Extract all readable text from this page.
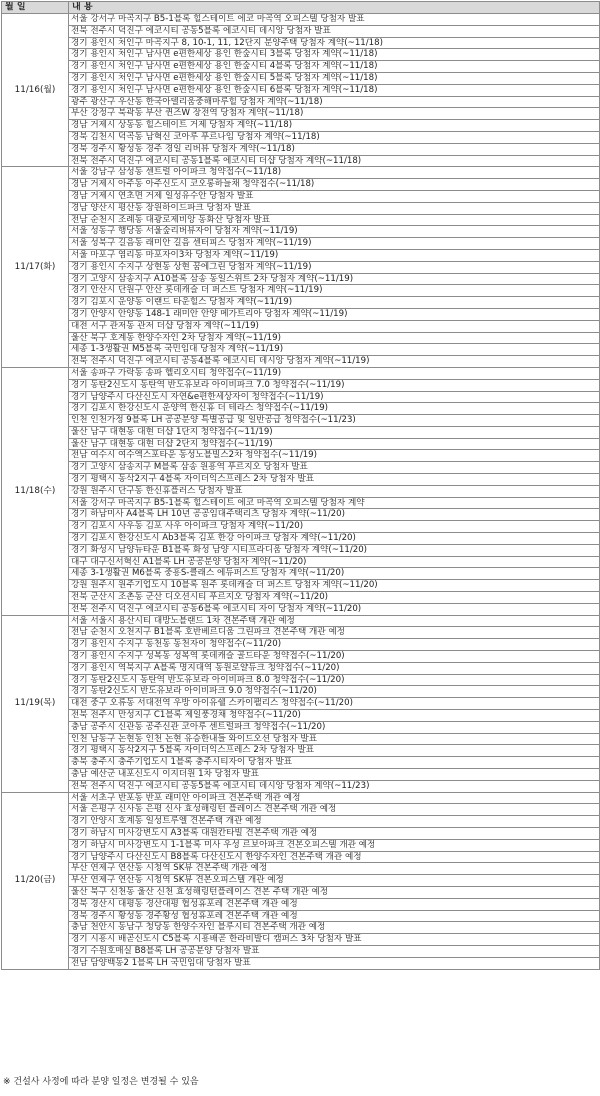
월 일	내 용
11/16(월)	서울 강서구 마곡지구 B5-1블록 힐스테이트 에코 마곡역 오피스텔 당첨자 발표
	전북 전주시 덕진구 에코시티 공동5블록 에코시티 데시앙 당첨자 발표
	경기 용인시 처인구 마곡지구 8, 10-1, 11, 12단지 분양주택 당첨자 계약(~11/18)
	경기 용인시 처인구 남사면 e편한세상 용인 한숲시티 3블록 당첨자 계약(~11/18)
	경기 용인시 처인구 남사면 e편한세상 용인 한숲시티 4블록 당첨자 계약(~11/18)
	경기 용인시 처인구 남사면 e편한세상 용인 한숲시티 5블록 당첨자 계약(~11/18)
	경기 용인시 처인구 남사면 e편한세상 용인 한숲시티 6블록 당첨자 계약(~11/18)
	광주 광산구 우산동 한국아델리움중해마루힐 당첨자 계약(~11/18)
	부산 강정구 북곽동 부산 퀸즈W 장전역 당첨자 계약(~11/18)
	경남 거제시 상동동 힐스테이트 거제 당첨자 계약(~11/18)
	경북 김천시 덕곡동 남혁신 코아루 푸르나임 당첨자 계약(~11/18)
	경북 경주시 황성동 경주 경일 리버뷰 당첨자 계약(~11/18)
	전북 전주시 덕진구 에코시티 공동1블록 에코시티 더샵 당첨자 계약(~11/18)
11/17(화)	서울 강남구 삼성동 센트럴 아이파크 청약접수(~11/18)
	경남 거제시 아주동 아주신도시 코오롱하늘채 청약접수(~11/18)
	경남 거제시 연초면 거제 일성유수안 당첨자 발표
	경남 양산시 평산동 장원하이드파크 당첨자 발표
	전남 순천시 조례동 대광로제비앙 동화산 당첨자 발표
	서울 성동구 행당동 서울숲리버뷰자이 당첨자 계약(~11/19)
	서울 성북구 길음동 래미안 길음 센터피스 당첨자 계약(~11/19)
	서울 마포구 염리동 마포자이3차 당첨자 계약(~11/19)
	경기 용인시 수지구 상현동 상현 꿈에그린 당첨자 계약(~11/19)
	경기 고양시 삼송지구 A10블록 삼송 동일스위트 2차 당첨자 계약(~11/19)
	경기 안산시 단원구 안산 롯데캐슬 더 퍼스트 당첨자 계약(~11/19)
	경기 김포시 운양동 이랜드 타운힐스 당첨자 계약(~11/19)
	경기 안양시 안양동 148-1 래미안 안양 메가트리아 당첨자 계약(~11/19)
	대전 서구 관저동 관저 더샵 당첨자 계약(~11/19)
	울산 북구 호계동 한양수자인 2차 당첨자 계약(~11/19)
	세종 1-3생활권 M5블록 국민임대 당첨자 계약(~11/19)
	전북 전주시 덕진구 에코시티 공동4블록 에코시티 데시앙 당첨자 계약(~11/19)
11/18(수)	서울 송파구 가락동 송파 헬리오시티 청약접수(~11/19)
	경기 동탄2신도시 동탄역 반도유보라 아이비파크 7.0 청약접수(~11/19)
	경기 남양주시 다산신도시 자연&e편한세상자이 청약접수(~11/19)
	경기 김포시 한강신도시 운양역 한신휴 더 테라스 청약접수(~11/19)
	인천 인천가정 9블록 LH 공공분양 특별공급 및 일반공급 청약접수(~11/23)
	울산 남구 대현동 대현 더샵 1단지 청약접수(~11/19)
	울산 남구 대현동 대현 더샵 2단지 청약접수(~11/19)
	전남 여수시 여수엑스포타운 동성노블빌스2차 청약접수(~11/19)
	경기 고양시 삼송지구 M블록 삼송 원흥역 푸르지오 당첨자 발표
	경기 평택시 동삭2지구 4블록 자이더익스프레스 2차 당첨자 발표
	강원 원주시 단구동 한신휴플러스 당첨자 발표
	서울 강서구 마곡지구 B5-1블록 힐스테이트 에코 마곡역 오피스텔 당첨자 계약
	경기 하남미사 A4블록 LH 10년 공공임대주택리츠 당첨자 계약(~11/20)
	경기 김포시 사우동 김포 사우 아이파크 당첨자 계약(~11/20)
	경기 김포시 한강신도시 Ab3블록 김포 한강 아이파크 당첨자 계약(~11/20)
	경기 화성시 남양뉴타운 B1블록 화성 남양 시티프라디움 당첨자 계약(~11/20)
	대구 대구신서혁신 A1블록 LH 공공분양 당첨자 계약(~11/20)
	세종 3-1생활권 M6블록 중흥S-클래스 에듀퍼스트 당첨자 계약(~11/20)
	강원 원주시 원주기업도시 10블록 원주 롯데캐슬 더 퍼스트 당첨자 계약(~11/20)
	전북 군산시 조촌동 군산 디오션시티 푸르지오 당첨자 계약(~11/20)
	전북 전주시 덕진구 에코시티 공동6블록 에코시티 자이 당첨자 계약(~11/20)
11/19(목)	서울 서울시 용산시티 대방노블랜드 1차 견본주택 개관 예정
	전남 순천시 오천지구 B1블록 호반베르디움 그린파크 견본주택 개관 예정
	경기 용인시 수지구 동천동 동천자이 청약접수(~11/20)
	경기 용인시 수지구 성복동 성복역 롯데캐슬 골드타운 청약접수(~11/20)
	경기 용인시 역북지구 A블록 명지대역 동원로얄듀크 청약접수(~11/20)
	경기 동탄2신도시 동탄역 반도유보라 아이비파크 8.0 청약접수(~11/20)
	경기 동탄2신도시 반도유보라 아이비파크 9.0 청약접수(~11/20)
	대전 중구 오류동 서대전역 우방 아이유쉘 스카이팰리스 청약접수(~11/20)
	전북 전주시 만성지구 C1블록 제일풍경채 청약접수(~11/20)
	충남 공주시 신관동 공주신관 코아루 센트럴파크 청약접수(~11/20)
	인천 남동구 논현동 인천 논현 유승한내들 와이드오션 당첨자 발표
	경기 평택시 동삭2지구 5블록 자이더익스프레스 2차 당첨자 발표
	충북 충주시 충주기업도시 1블록 충주시티자이 당첨자 발표
	충남 예산군 내포신도시 이지더원 1차 당첨자 발표
	전북 전주시 덕진구 에코시티 공동5블록 에코시티 데시앙 당첨자 계약(~11/23)
11/20(금)	서울 서초구 반포동 반포 래미안 아이파크 견본주택 개관 예정
	서울 은평구 신사동 은평 신사 효성해링턴 플레이스 견본주택 개관 예정
	경기 안양시 호계동 일성트루엘 견본주택 개관 예정
	경기 하남시 미사강변도시 A3블록 대원칸타빌 견본주택 개관 예정
	경기 하남시 미사강변도시 1-1블록 미사 우성 르보아파크 견본오피스텔 개관 예정
	경기 남양주시 다산신도시 B8블록 다산신도시 한양수자인 견본주택 개관 예정
	부산 연제구 연산동 시청역 SK뷰 견본주택 개관 예정
	부산 연제구 연산동 시청역 SK뷰 견본오피스텔 개관 예정
	울산 북구 신천동 울산 신천 효성해링턴플레이스 견본 주택 개관 예정
	경북 경산시 대평동 경산대평 협성휴포레 견본주택 개관 예정
	경북 경주시 황성동 경주황성 협성휴포레 견본주택 개관 예정
	충남 천안시 동남구 청당동 한양수자인 블루시티 견본주택 개관 예정
	경기 시흥시 배곧신도시 C5블록 시흥배곧 한라비발디 캠퍼스 3차 당첨자 발표
	경기 수원호매실 B8블록 LH 공공분양 당첨자 발표
	전남 담양백동2 1블록 LH 국민임대 당첨자 발표
※ 건설사 사정에 따라 분양 일정은 변경될 수 있음
